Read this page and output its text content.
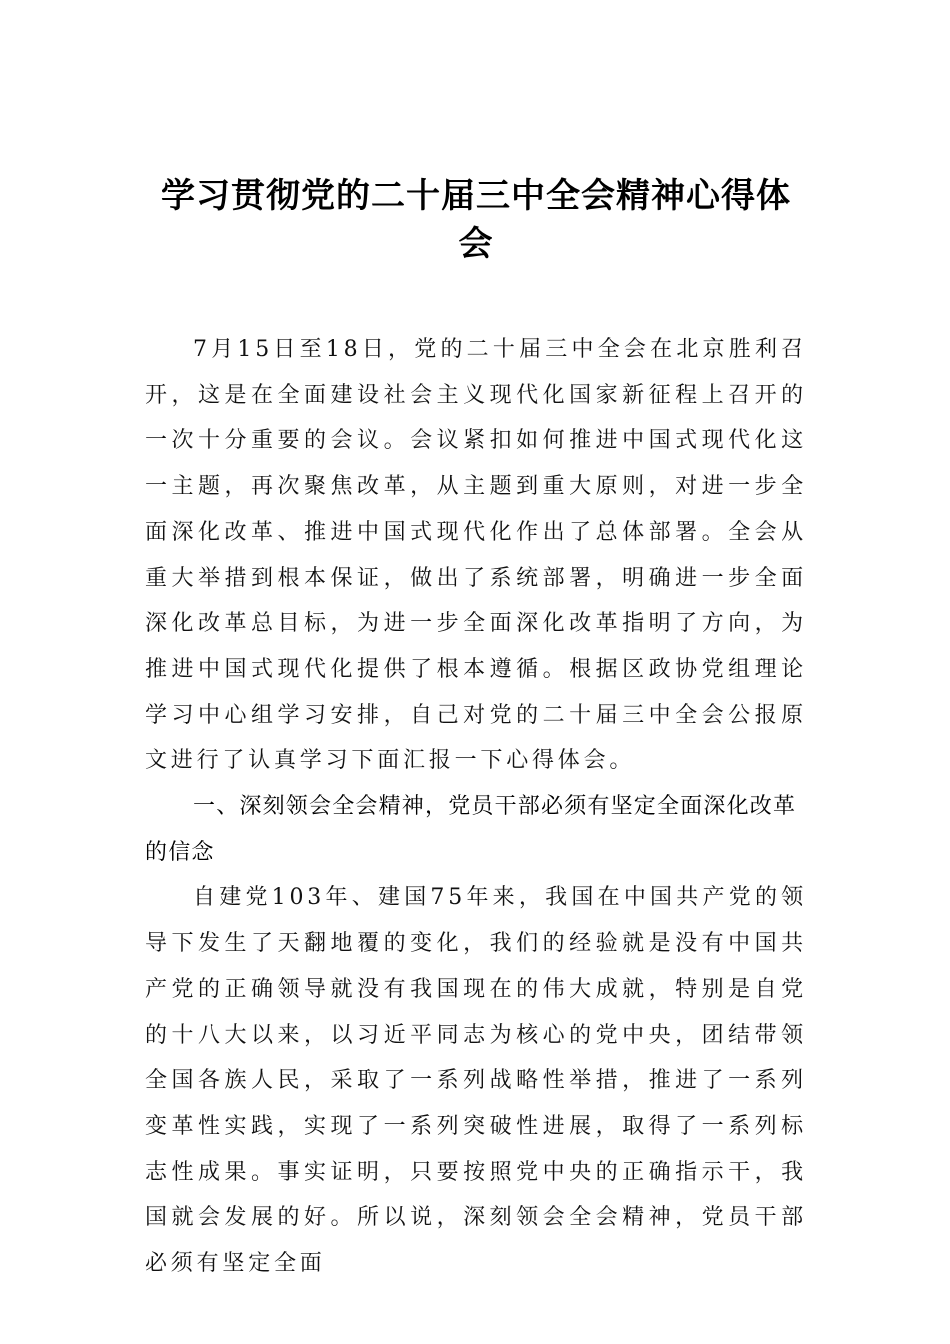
学习贯彻党的二十届三中全会精神心得体会

7月15日至18日，党的二十届三中全会在北京胜利召开，这是在全面建设社会主义现代化国家新征程上召开的一次十分重要的会议。会议紧扣如何推进中国式现代化这一主题，再次聚焦改革，从主题到重大原则，对进一步全面深化改革、推进中国式现代化作出了总体部署。全会从重大举措到根本保证，做出了系统部署，明确进一步全面深化改革总目标，为进一步全面深化改革指明了方向，为推进中国式现代化提供了根本遵循。根据区政协党组理论学习中心组学习安排，自己对党的二十届三中全会公报原文进行了认真学习下面汇报一下心得体会。

一、深刻领会全会精神，党员干部必须有坚定全面深化改革的信念

自建党103年、建国75年来，我国在中国共产党的领导下发生了天翻地覆的变化，我们的经验就是没有中国共产党的正确领导就没有我国现在的伟大成就，特别是自党的十八大以来，以习近平同志为核心的党中央，团结带领全国各族人民，采取了一系列战略性举措，推进了一系列变革性实践，实现了一系列突破性进展，取得了一系列标志性成果。事实证明，只要按照党中央的正确指示干，我国就会发展的好。所以说，深刻领会全会精神，党员干部必须有坚定全面
